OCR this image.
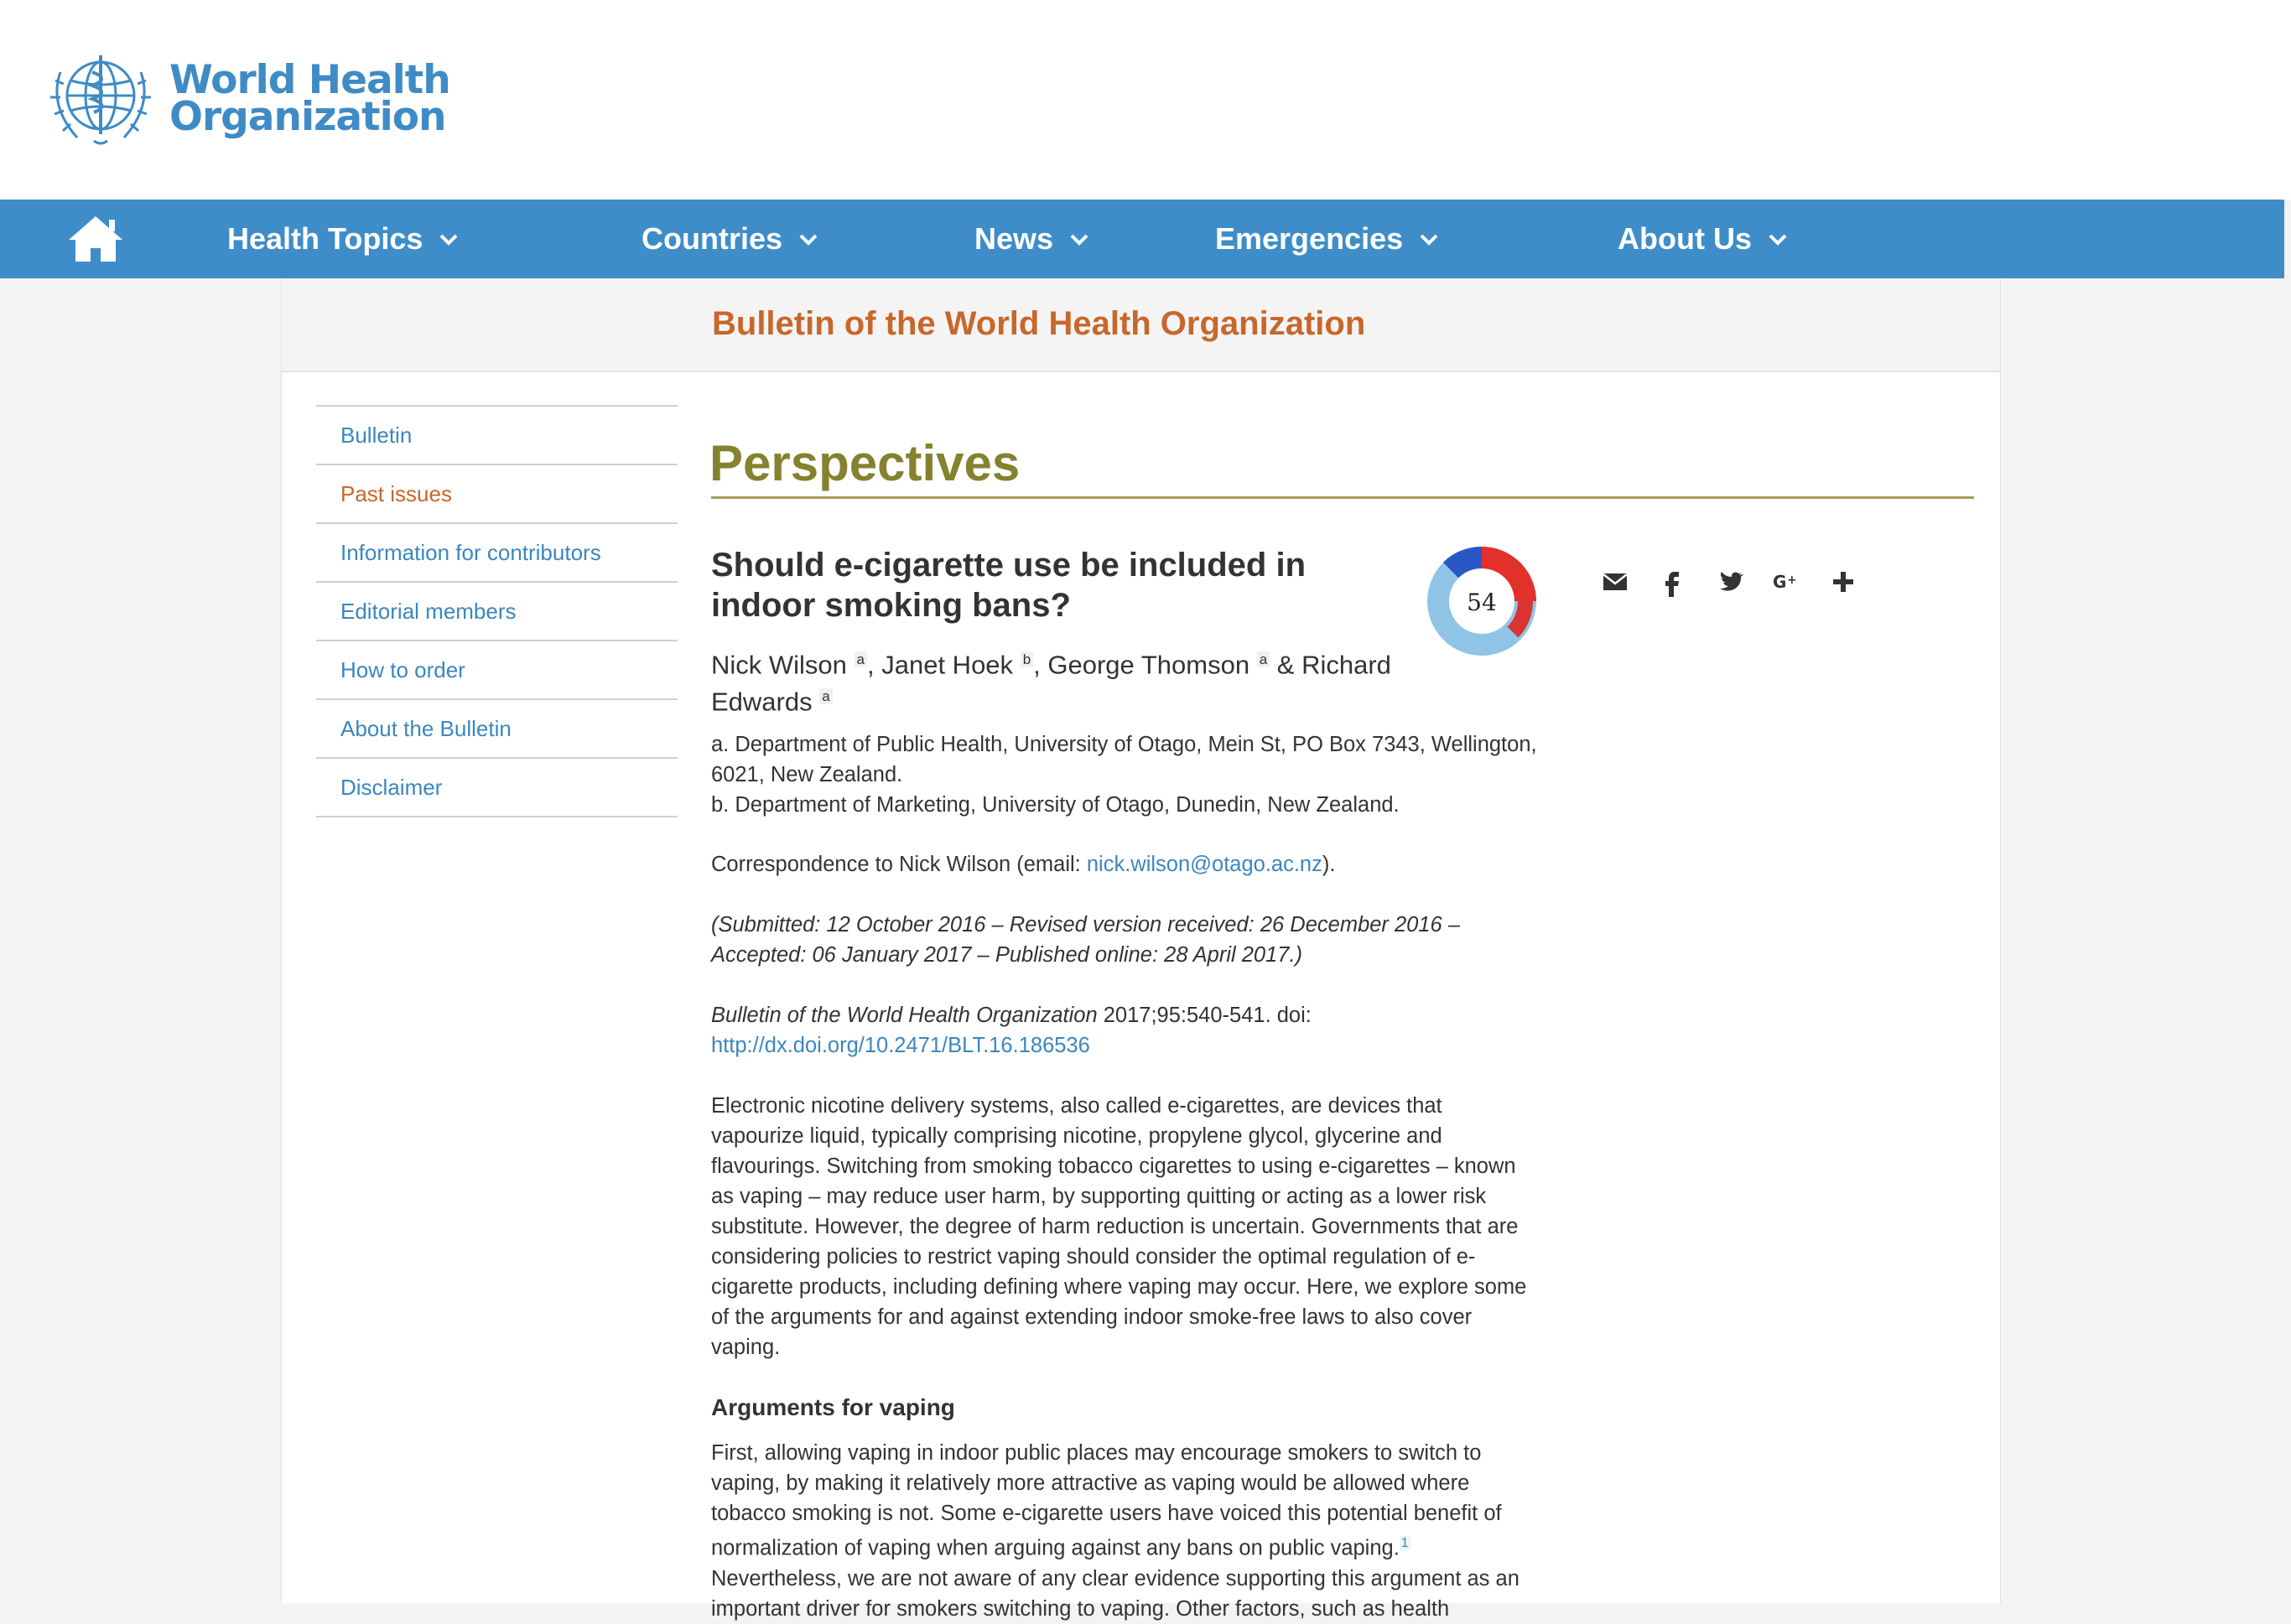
World Health
Organization
Health Topics	Countries	News	Emergencies	About Us
Bulletin of the World Health Organization
Bulletin
Past issues
Information for contributors
Editorial members
How to order
About the Bulletin
Disclaimer
Perspectives
Should e-cigarette use be included in indoor smoking bans?	54
G +
Nick Wilson $^a$, Janet Hoek $^b$, George Thomson $^a$ & Richard Edwards $^a$
a. Department of Public Health, University of Otago, Mein St, PO Box 7343, Wellington, 6021, New Zealand.
b. Department of Marketing, University of Otago, Dunedin, New Zealand.
Correspondence to Nick Wilson (email: nick.wilson@otago.ac.nz).
(Submitted: 12 October 2016 – Revised version received: 26 December 2016 – Accepted: 06 January 2017 – Published online: 28 April 2017.)
Bulletin of the World Health Organization 2017;95:540-541. doi:
http://dx.doi.org/10.2471/BLT.16.186536
Electronic nicotine delivery systems, also called e-cigarettes, are devices that vapourize liquid, typically comprising nicotine, propylene glycol, glycerine and flavourings. Switching from smoking tobacco cigarettes to using e-cigarettes – known as vaping – may reduce user harm, by supporting quitting or acting as a lower risk substitute. However, the degree of harm reduction is uncertain. Governments that are considering policies to restrict vaping should consider the optimal regulation of e-cigarette products, including defining where vaping may occur. Here, we explore some of the arguments for and against extending indoor smoke-free laws to also cover vaping.
Arguments for vaping
First, allowing vaping in indoor public places may encourage smokers to switch to vaping, by making it relatively more attractive as vaping would be allowed where tobacco smoking is not. Some e-cigarette users have voiced this potential benefit of normalization of vaping when arguing against any bans on public vaping. $^1$ Nevertheless, we are not aware of any clear evidence supporting this argument as an important driver for smokers switching to vaping. Other factors, such as health
